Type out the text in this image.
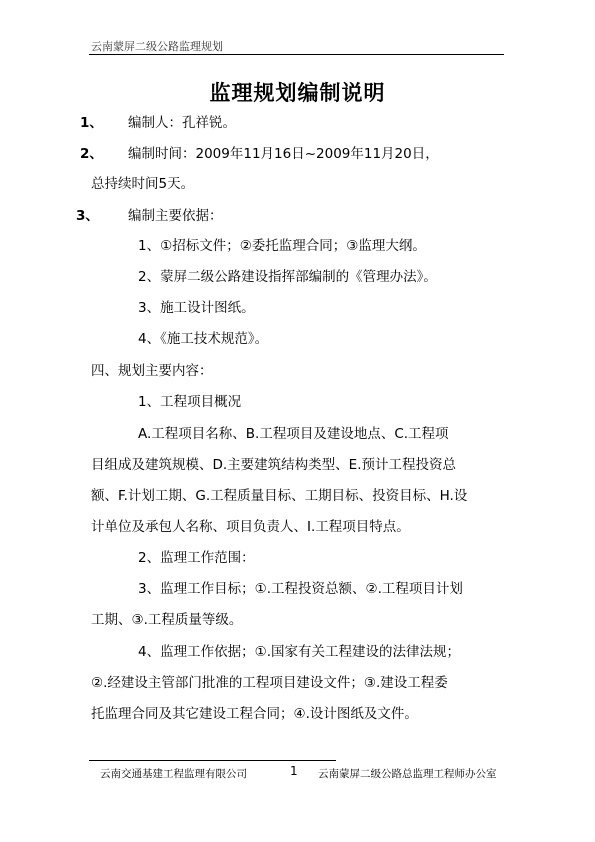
云南蒙屏二级公路监理规划
监理规划编制说明
1、 编制人：孔祥锐。
2、 编制时间：2009年11月16日~2009年11月20日，
总持续时间5天。
3、 编制主要依据：
1、①招标文件；②委托监理合同；③监理大纲。
2、蒙屏二级公路建设指挥部编制的《管理办法》。
3、施工设计图纸。
4、《施工技术规范》。
四、规划主要内容：
1、工程项目概况
A.工程项目名称、B.工程项目及建设地点、C.工程项
目组成及建筑规模、D.主要建筑结构类型、E.预计工程投资总
额、F.计划工期、G.工程质量目标、工期目标、投资目标、H.设
计单位及承包人名称、项目负责人、I.工程项目特点。
2、监理工作范围：
3、监理工作目标；①.工程投资总额、②.工程项目计划
工期、③.工程质量等级。
4、监理工作依据；①.国家有关工程建设的法律法规；
②.经建设主管部门批准的工程项目建设文件；③.建设工程委
托监理合同及其它建设工程合同；④.设计图纸及文件。
云南交通基建工程监理有限公司	1 云南蒙屏二级公路总监理工程师办公室
